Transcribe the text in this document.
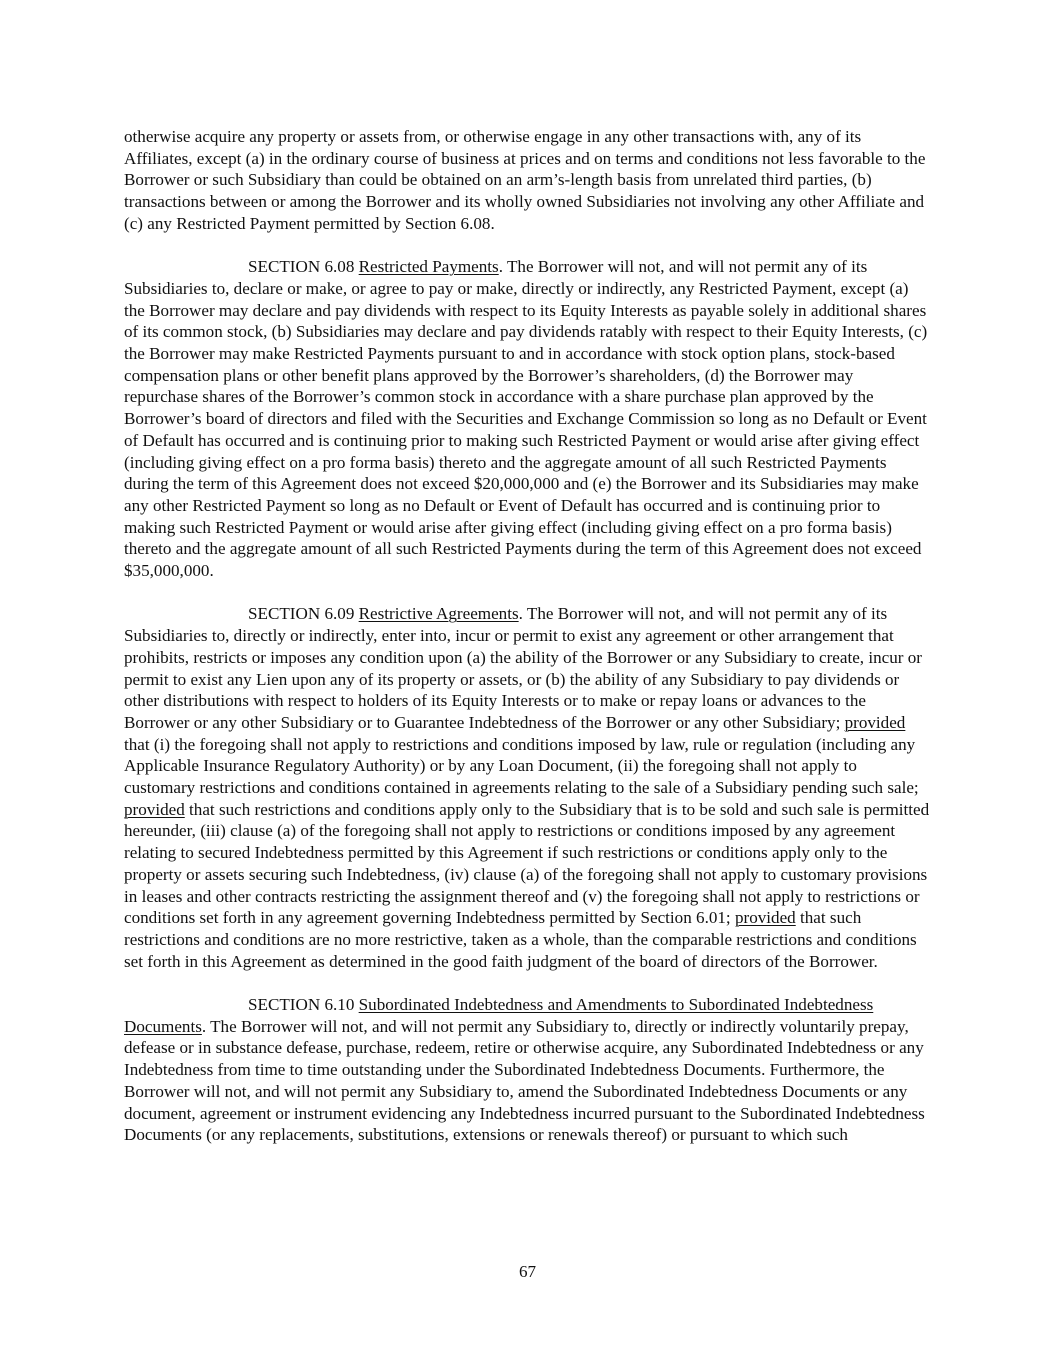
otherwise acquire any property or assets from, or otherwise engage in any other transactions with, any of its Affiliates, except (a) in the ordinary course of business at prices and on terms and conditions not less favorable to the Borrower or such Subsidiary than could be obtained on an arm’s-length basis from unrelated third parties, (b) transactions between or among the Borrower and its wholly owned Subsidiaries not involving any other Affiliate and (c) any Restricted Payment permitted by Section 6.08.

SECTION 6.08 Restricted Payments. The Borrower will not, and will not permit any of its Subsidiaries to, declare or make, or agree to pay or make, directly or indirectly, any Restricted Payment, except (a) the Borrower may declare and pay dividends with respect to its Equity Interests as payable solely in additional shares of its common stock, (b) Subsidiaries may declare and pay dividends ratably with respect to their Equity Interests, (c) the Borrower may make Restricted Payments pursuant to and in accordance with stock option plans, stock-based compensation plans or other benefit plans approved by the Borrower’s shareholders, (d) the Borrower may repurchase shares of the Borrower’s common stock in accordance with a share purchase plan approved by the Borrower’s board of directors and filed with the Securities and Exchange Commission so long as no Default or Event of Default has occurred and is continuing prior to making such Restricted Payment or would arise after giving effect (including giving effect on a pro forma basis) thereto and the aggregate amount of all such Restricted Payments during the term of this Agreement does not exceed $20,000,000 and (e) the Borrower and its Subsidiaries may make any other Restricted Payment so long as no Default or Event of Default has occurred and is continuing prior to making such Restricted Payment or would arise after giving effect (including giving effect on a pro forma basis) thereto and the aggregate amount of all such Restricted Payments during the term of this Agreement does not exceed $35,000,000.

SECTION 6.09 Restrictive Agreements. The Borrower will not, and will not permit any of its Subsidiaries to, directly or indirectly, enter into, incur or permit to exist any agreement or other arrangement that prohibits, restricts or imposes any condition upon (a) the ability of the Borrower or any Subsidiary to create, incur or permit to exist any Lien upon any of its property or assets, or (b) the ability of any Subsidiary to pay dividends or other distributions with respect to holders of its Equity Interests or to make or repay loans or advances to the Borrower or any other Subsidiary or to Guarantee Indebtedness of the Borrower or any other Subsidiary; provided that (i) the foregoing shall not apply to restrictions and conditions imposed by law, rule or regulation (including any Applicable Insurance Regulatory Authority) or by any Loan Document, (ii) the foregoing shall not apply to customary restrictions and conditions contained in agreements relating to the sale of a Subsidiary pending such sale; provided that such restrictions and conditions apply only to the Subsidiary that is to be sold and such sale is permitted hereunder, (iii) clause (a) of the foregoing shall not apply to restrictions or conditions imposed by any agreement relating to secured Indebtedness permitted by this Agreement if such restrictions or conditions apply only to the property or assets securing such Indebtedness, (iv) clause (a) of the foregoing shall not apply to customary provisions in leases and other contracts restricting the assignment thereof and (v) the foregoing shall not apply to restrictions or conditions set forth in any agreement governing Indebtedness permitted by Section 6.01; provided that such restrictions and conditions are no more restrictive, taken as a whole, than the comparable restrictions and conditions set forth in this Agreement as determined in the good faith judgment of the board of directors of the Borrower.

SECTION 6.10 Subordinated Indebtedness and Amendments to Subordinated Indebtedness Documents. The Borrower will not, and will not permit any Subsidiary to, directly or indirectly voluntarily prepay, defease or in substance defease, purchase, redeem, retire or otherwise acquire, any Subordinated Indebtedness or any Indebtedness from time to time outstanding under the Subordinated Indebtedness Documents. Furthermore, the Borrower will not, and will not permit any Subsidiary to, amend the Subordinated Indebtedness Documents or any document, agreement or instrument evidencing any Indebtedness incurred pursuant to the Subordinated Indebtedness Documents (or any replacements, substitutions, extensions or renewals thereof) or pursuant to which such

67
